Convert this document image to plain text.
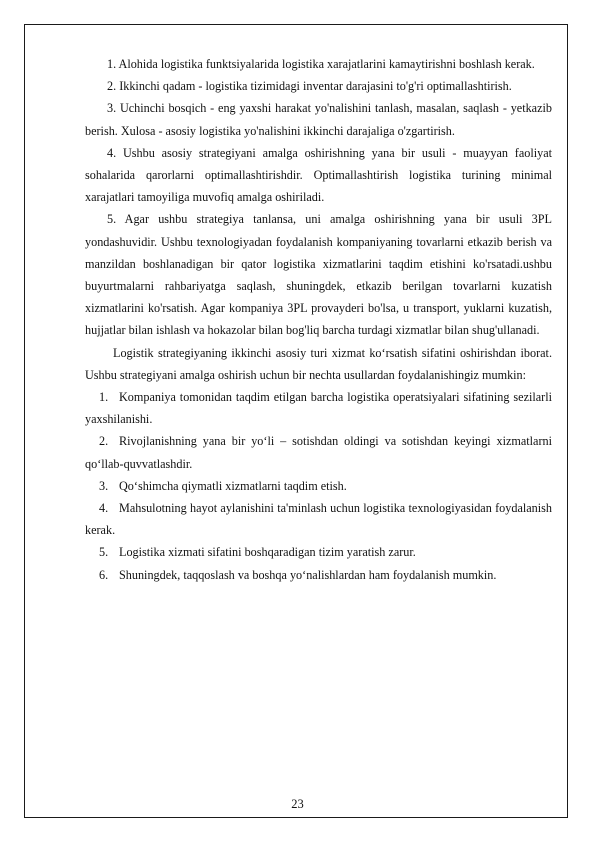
1. Alohida logistika funktsiyalarida logistika xarajatlarini kamaytirishni boshlash kerak.

2. Ikkinchi qadam - logistika tizimidagi inventar darajasini to'g'ri optimallashtirish.

3. Uchinchi bosqich - eng yaxshi harakat yo'nalishini tanlash, masalan, saqlash - yetkazib berish. Xulosa - asosiy logistika yo'nalishini ikkinchi darajaliga o'zgartirish.

4. Ushbu asosiy strategiyani amalga oshirishning yana bir usuli - muayyan faoliyat sohalarida qarorlarni optimallashtirishdir. Optimallashtirish logistika turining minimal xarajatlari tamoyiliga muvofiq amalga oshiriladi.

5. Agar ushbu strategiya tanlansa, uni amalga oshirishning yana bir usuli 3PL yondashuvidir. Ushbu texnologiyadan foydalanish kompaniyaning tovarlarni etkazib berish va manzildan boshlanadigan bir qator logistika xizmatlarini taqdim etishini ko'rsatadi.ushbu buyurtmalarni rahbariyatga saqlash, shuningdek, etkazib berilgan tovarlarni kuzatish xizmatlarini ko'rsatish. Agar kompaniya 3PL provayderi bo'lsa, u transport, yuklarni kuzatish, hujjatlar bilan ishlash va hokazolar bilan bog'liq barcha turdagi xizmatlar bilan shug'ullanadi.

Logistik strategiyaning ikkinchi asosiy turi xizmat ko‘rsatish sifatini oshirishdan iborat. Ushbu strategiyani amalga oshirish uchun bir nechta usullardan foydalanishingiz mumkin:

1. Kompaniya tomonidan taqdim etilgan barcha logistika operatsiyalari sifatining sezilarli yaxshilanishi.

2. Rivojlanishning yana bir yo‘li – sotishdan oldingi va sotishdan keyingi xizmatlarni qo‘llab-quvvatlashdir.

3. Qo‘shimcha qiymatli xizmatlarni taqdim etish.

4. Mahsulotning hayot aylanishini ta'minlash uchun logistika texnologiyasidan foydalanish kerak.

5. Logistika xizmati sifatini boshqaradigan tizim yaratish zarur.

6. Shuningdek, taqqoslash va boshqa yo‘nalishlardan ham foydalanish mumkin.

23
